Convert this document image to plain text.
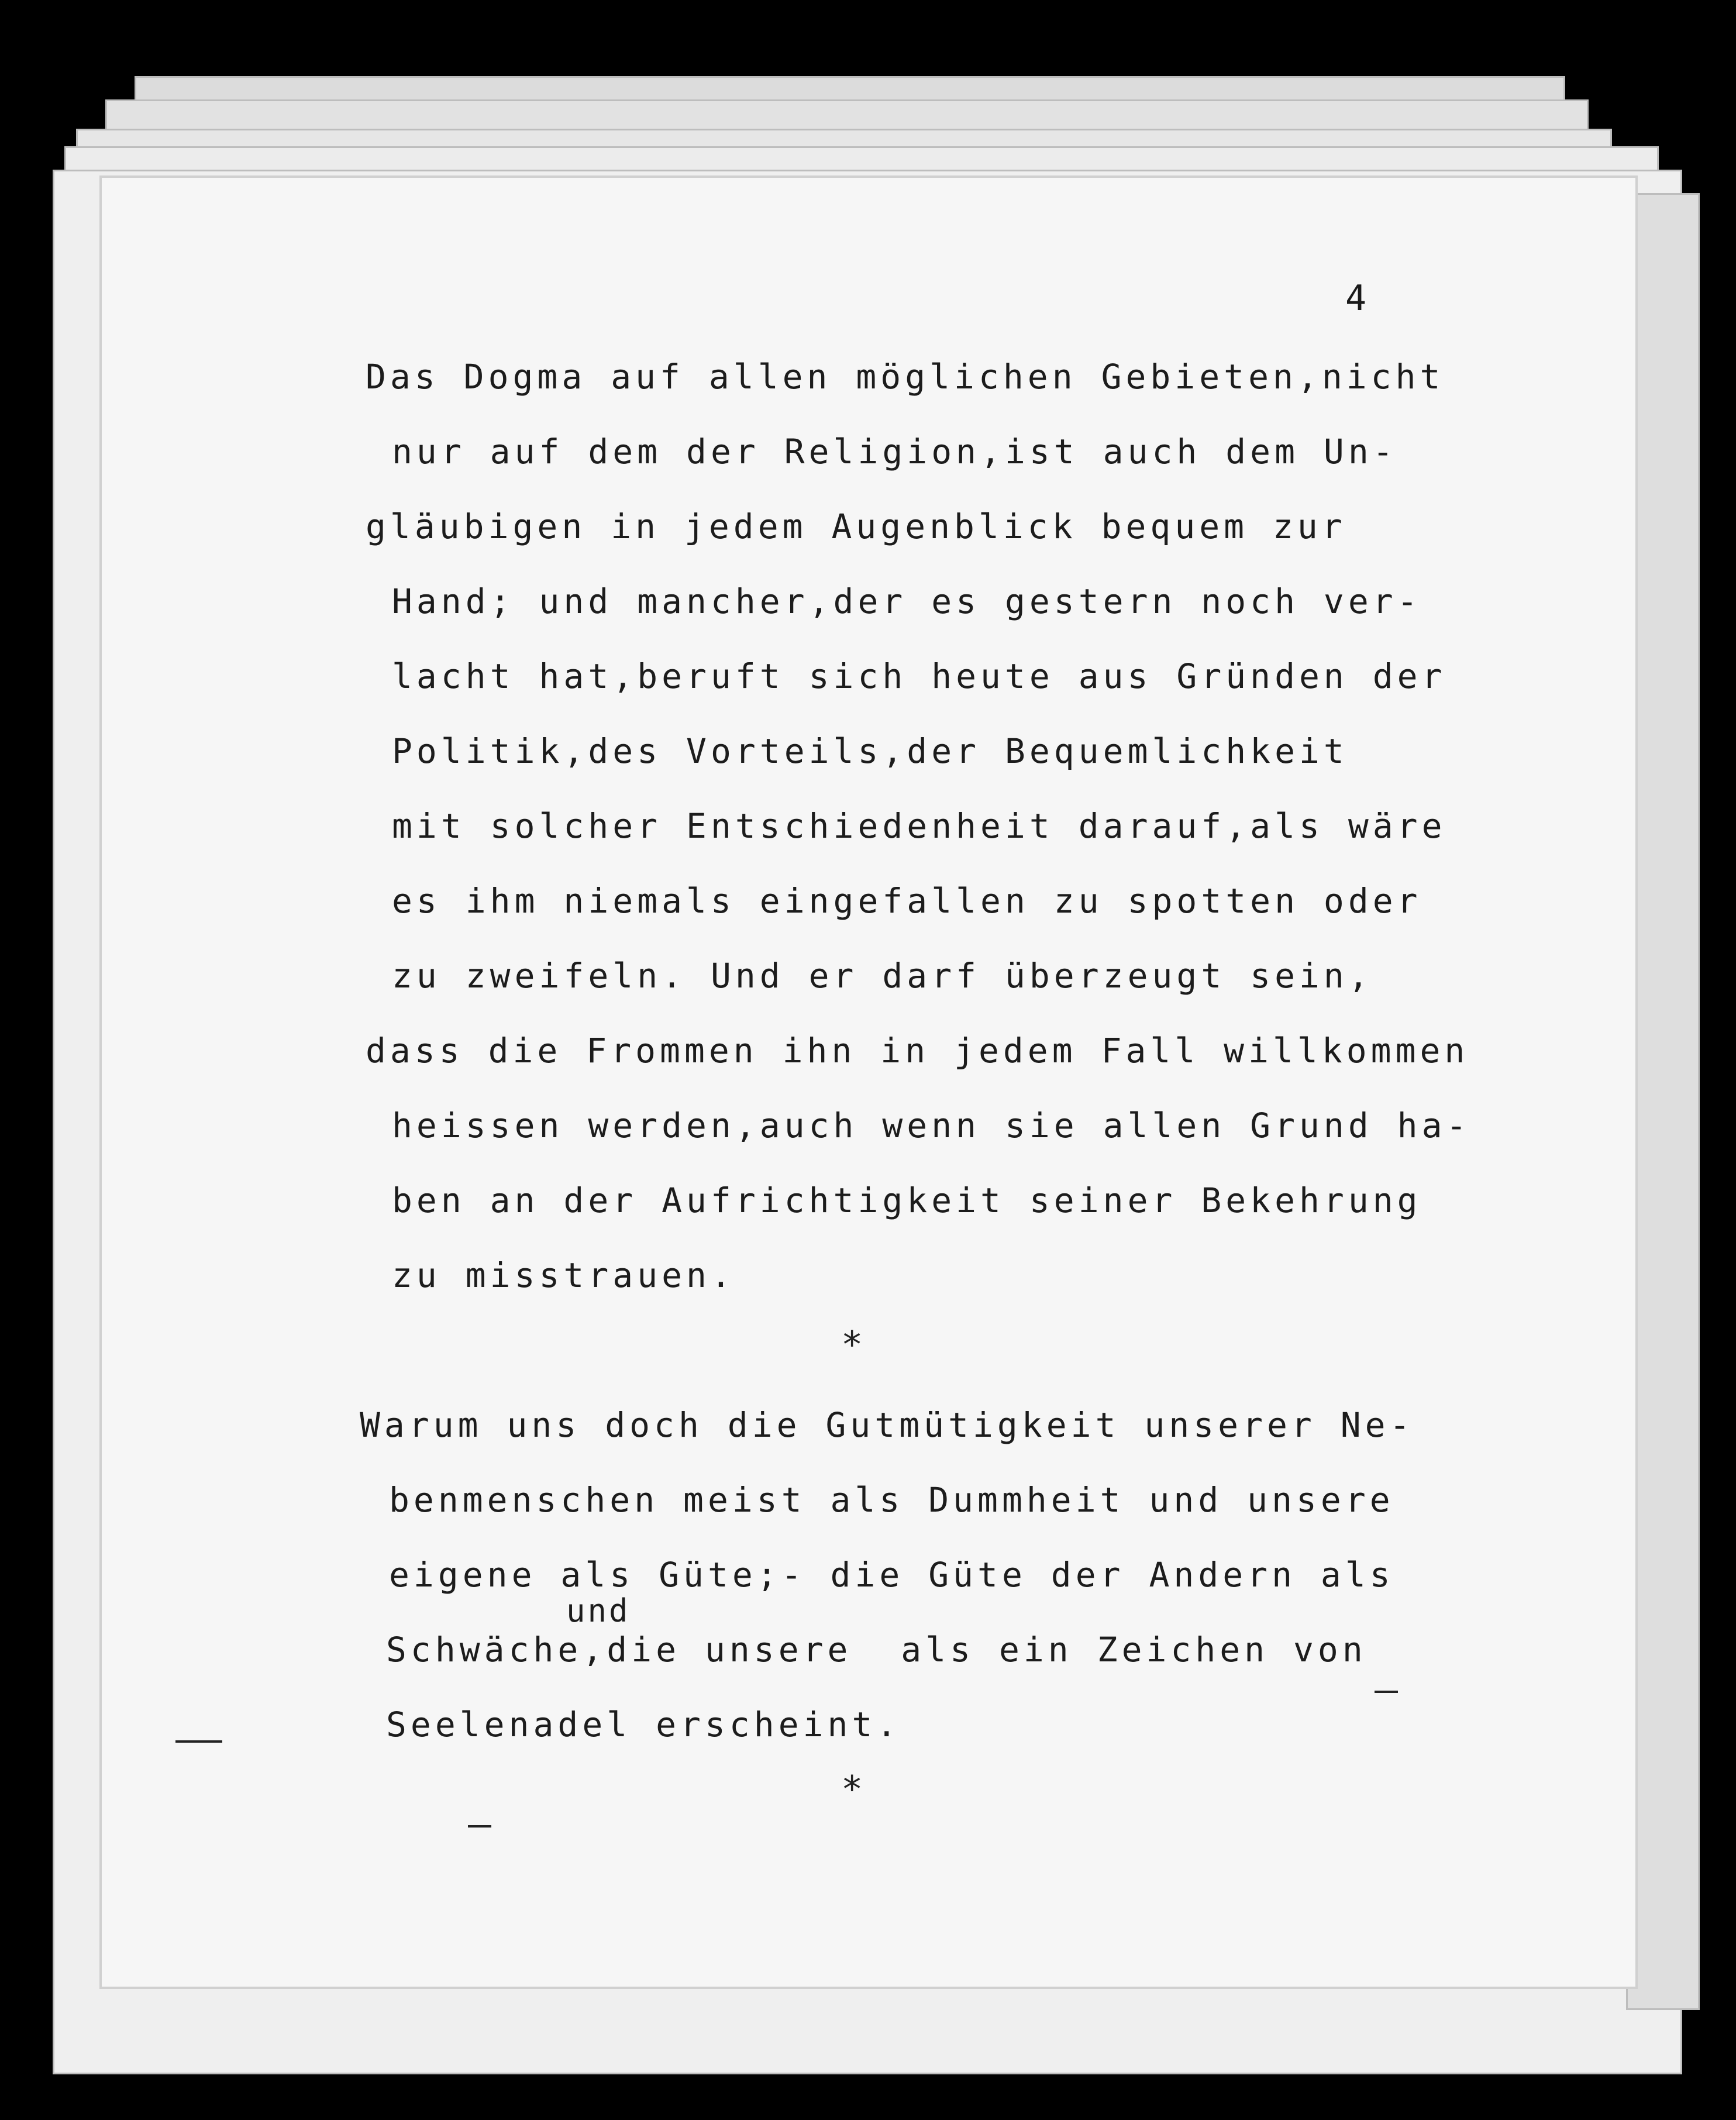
4
Das Dogma auf allen möglichen Gebieten,nicht
nur auf dem der Religion,ist auch dem Un-
gläubigen in jedem Augenblick bequem zur
Hand; und mancher,der es gestern noch ver-
lacht hat,beruft sich heute aus Gründen der
Politik,des Vorteils,der Bequemlichkeit
mit solcher Entschiedenheit darauf,als wäre
es ihm niemals eingefallen zu spotten oder
zu zweifeln. Und er darf überzeugt sein,
dass die Frommen ihn in jedem Fall willkommen
heissen werden,auch wenn sie allen Grund ha-
ben an der Aufrichtigkeit seiner Bekehrung
zu misstrauen.
*
Warum uns doch die Gutmütigkeit unserer Ne-
benmenschen meist als Dummheit und unsere
eigene als Güte;- die Güte der Andern als
und
Schwäche,die unsere  als ein Zeichen von
Seelenadel erscheint.
*
